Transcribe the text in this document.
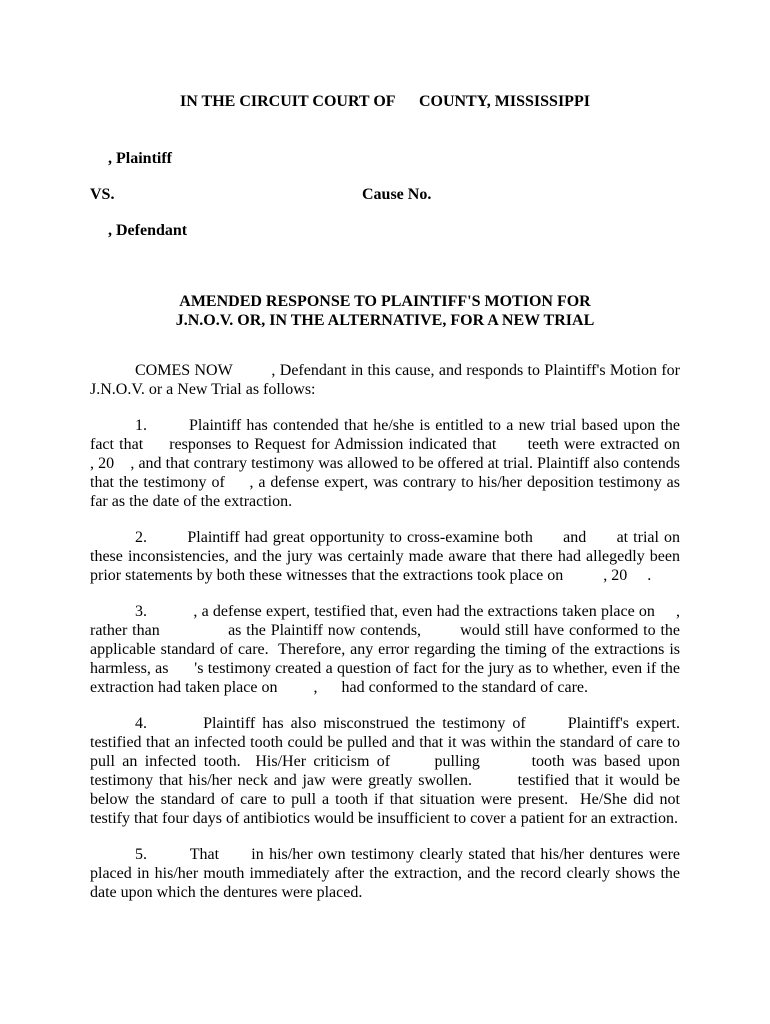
IN THE CIRCUIT COURT OF      COUNTY, MISSISSIPPI
, Plaintiff
VS.	Cause No.
, Defendant
AMENDED RESPONSE TO PLAINTIFF'S MOTION FOR
J.N.O.V. OR, IN THE ALTERNATIVE, FOR A NEW TRIAL

COMES NOW         , Defendant in this cause, and responds to Plaintiff's Motion for J.N.O.V. or a New Trial as follows:

1.        Plaintiff has contended that he/she is entitled to a new trial based upon the fact that     responses to Request for Admission indicated that      teeth were extracted on          , 20    , and that contrary testimony was allowed to be offered at trial. Plaintiff also contends that the testimony of     , a defense expert, was contrary to his/her deposition testimony as far as the date of the extraction.

2.        Plaintiff had great opportunity to cross-examine both      and      at trial on these inconsistencies, and the jury was certainly made aware that there had allegedly been prior statements by both these witnesses that the extractions took place on          , 20     .

3.           , a defense expert, testified that, even had the extractions taken place on     , rather than              as the Plaintiff now contends,        would still have conformed to the applicable standard of care.  Therefore, any error regarding the timing of the extractions is harmless, as      's testimony created a question of fact for the jury as to whether, even if the extraction had taken place on         ,      had conformed to the standard of care.

4.        Plaintiff has also misconstrued the testimony of      Plaintiff's expert.       testified that an infected tooth could be pulled and that it was within the standard of care to pull an infected tooth.  His/Her criticism of      pulling       tooth was based upon       testimony that his/her neck and jaw were greatly swollen.        testified that it would be below the standard of care to pull a tooth if that situation were present.  He/She did not testify that four days of antibiotics would be insufficient to cover a patient for an extraction.

5.        That      in his/her own testimony clearly stated that his/her dentures were placed in his/her mouth immediately after the extraction, and the record clearly shows the date upon which the dentures were placed.
